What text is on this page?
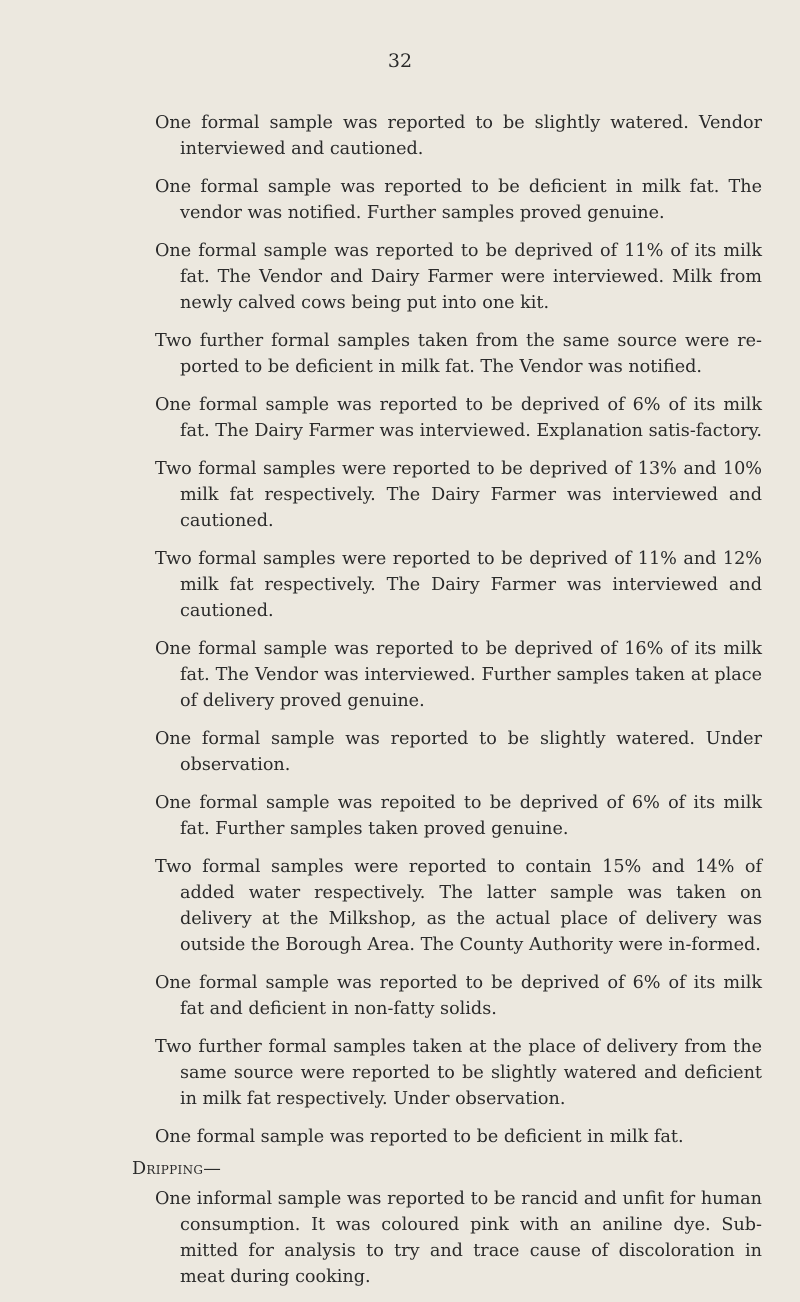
32

One formal sample was reported to be slightly watered. Vendor interviewed and cautioned.

One formal sample was reported to be deficient in milk fat. The vendor was notified. Further samples proved genuine.

One formal sample was reported to be deprived of 11% of its milk fat. The Vendor and Dairy Farmer were interviewed. Milk from newly calved cows being put into one kit.

Two further formal samples taken from the same source were re-ported to be deficient in milk fat. The Vendor was notified.

One formal sample was reported to be deprived of 6% of its milk fat. The Dairy Farmer was interviewed. Explanation satis-factory.

Two formal samples were reported to be deprived of 13% and 10% milk fat respectively. The Dairy Farmer was interviewed and cautioned.

Two formal samples were reported to be deprived of 11% and 12% milk fat respectively. The Dairy Farmer was interviewed and cautioned.

One formal sample was reported to be deprived of 16% of its milk fat. The Vendor was interviewed. Further samples taken at place of delivery proved genuine.

One formal sample was reported to be slightly watered. Under observation.

One formal sample was repoited to be deprived of 6% of its milk fat. Further samples taken proved genuine.

Two formal samples were reported to contain 15% and 14% of added water respectively. The latter sample was taken on delivery at the Milkshop, as the actual place of delivery was outside the Borough Area. The County Authority were in-formed.

One formal sample was reported to be deprived of 6% of its milk fat and deficient in non-fatty solids.

Two further formal samples taken at the place of delivery from the same source were reported to be slightly watered and deficient in milk fat respectively. Under observation.

One formal sample was reported to be deficient in milk fat.

Dripping—

One informal sample was reported to be rancid and unfit for human consumption. It was coloured pink with an aniline dye. Sub-mitted for analysis to try and trace cause of discoloration in meat during cooking.
